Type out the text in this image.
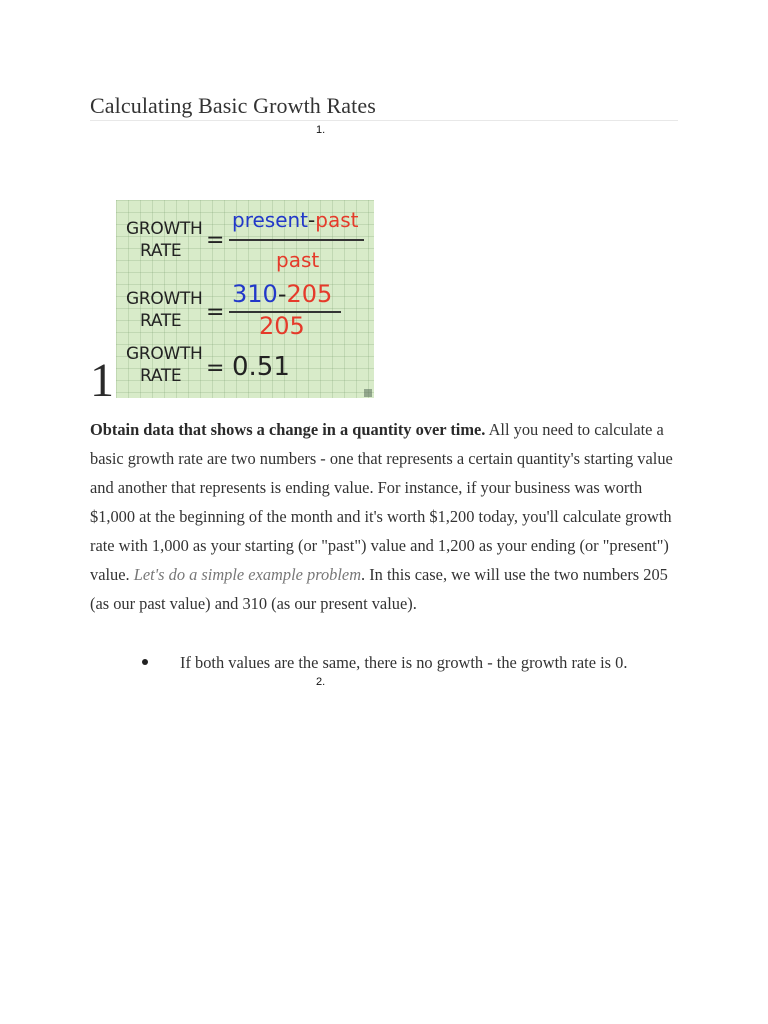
Calculating Basic Growth Rates
1.
1
GROWTH
RATE =
present-past
past
GROWTH
RATE =
310-205
205
GROWTH
RATE = 0.51

Obtain data that shows a change in a quantity over time. All you need to calculate a basic growth rate are two numbers - one that represents a certain quantity's starting value and another that represents is ending value. For instance, if your business was worth $1,000 at the beginning of the month and it's worth $1,200 today, you'll calculate growth rate with 1,000 as your starting (or "past") value and 1,200 as your ending (or "present") value. Let's do a simple example problem. In this case, we will use the two numbers 205 (as our past value) and 310 (as our present value).

If both values are the same, there is no growth - the growth rate is 0.
2.
